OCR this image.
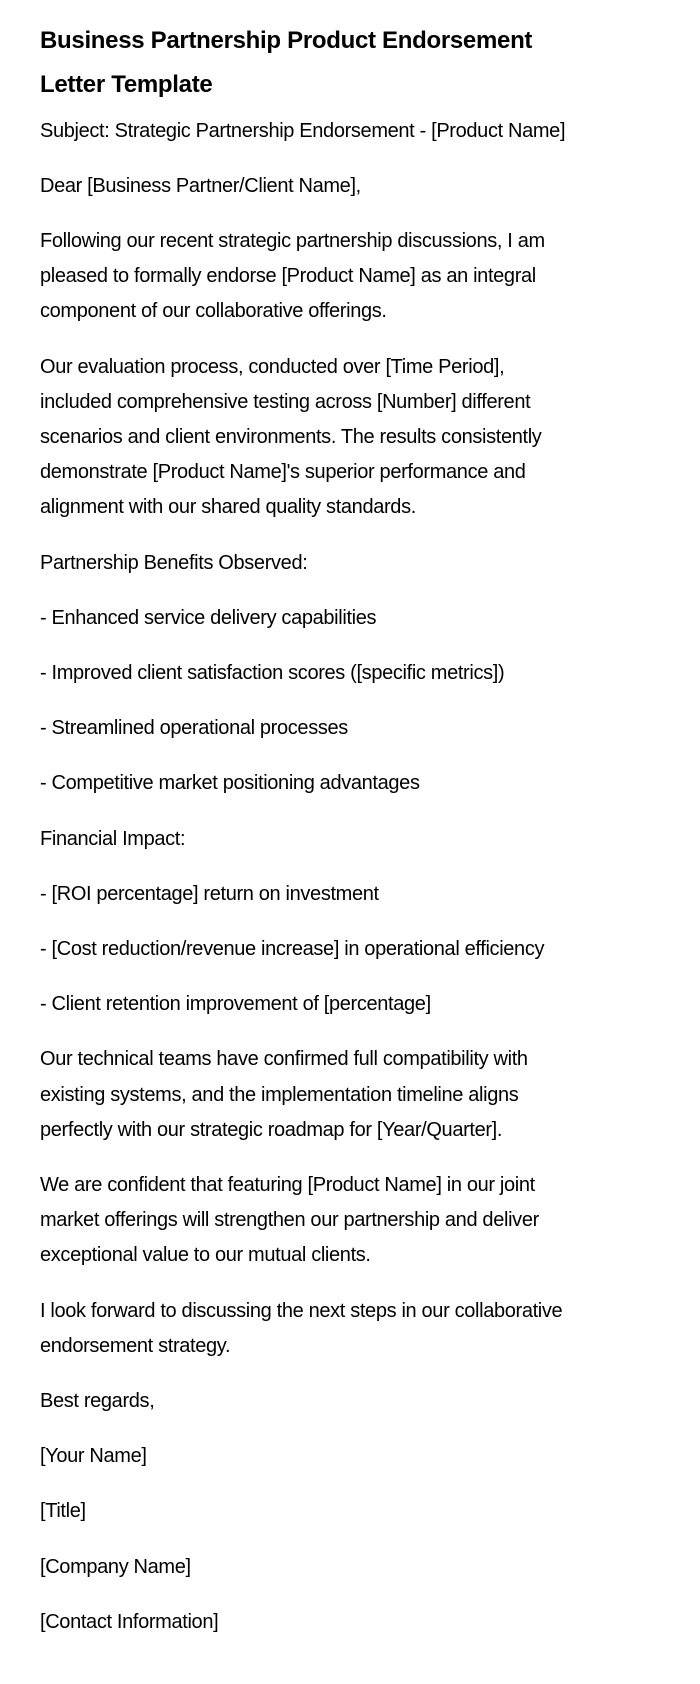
Business Partnership Product Endorsement
Letter Template

Subject: Strategic Partnership Endorsement - [Product Name]

Dear [Business Partner/Client Name],

Following our recent strategic partnership discussions, I am
pleased to formally endorse [Product Name] as an integral
component of our collaborative offerings.

Our evaluation process, conducted over [Time Period],
included comprehensive testing across [Number] different
scenarios and client environments. The results consistently
demonstrate [Product Name]'s superior performance and
alignment with our shared quality standards.

Partnership Benefits Observed:

- Enhanced service delivery capabilities

- Improved client satisfaction scores ([specific metrics])

- Streamlined operational processes

- Competitive market positioning advantages

Financial Impact:

- [ROI percentage] return on investment

- [Cost reduction/revenue increase] in operational efficiency

- Client retention improvement of [percentage]

Our technical teams have confirmed full compatibility with
existing systems, and the implementation timeline aligns
perfectly with our strategic roadmap for [Year/Quarter].

We are confident that featuring [Product Name] in our joint
market offerings will strengthen our partnership and deliver
exceptional value to our mutual clients.

I look forward to discussing the next steps in our collaborative
endorsement strategy.

Best regards,

[Your Name]

[Title]

[Company Name]

[Contact Information]
